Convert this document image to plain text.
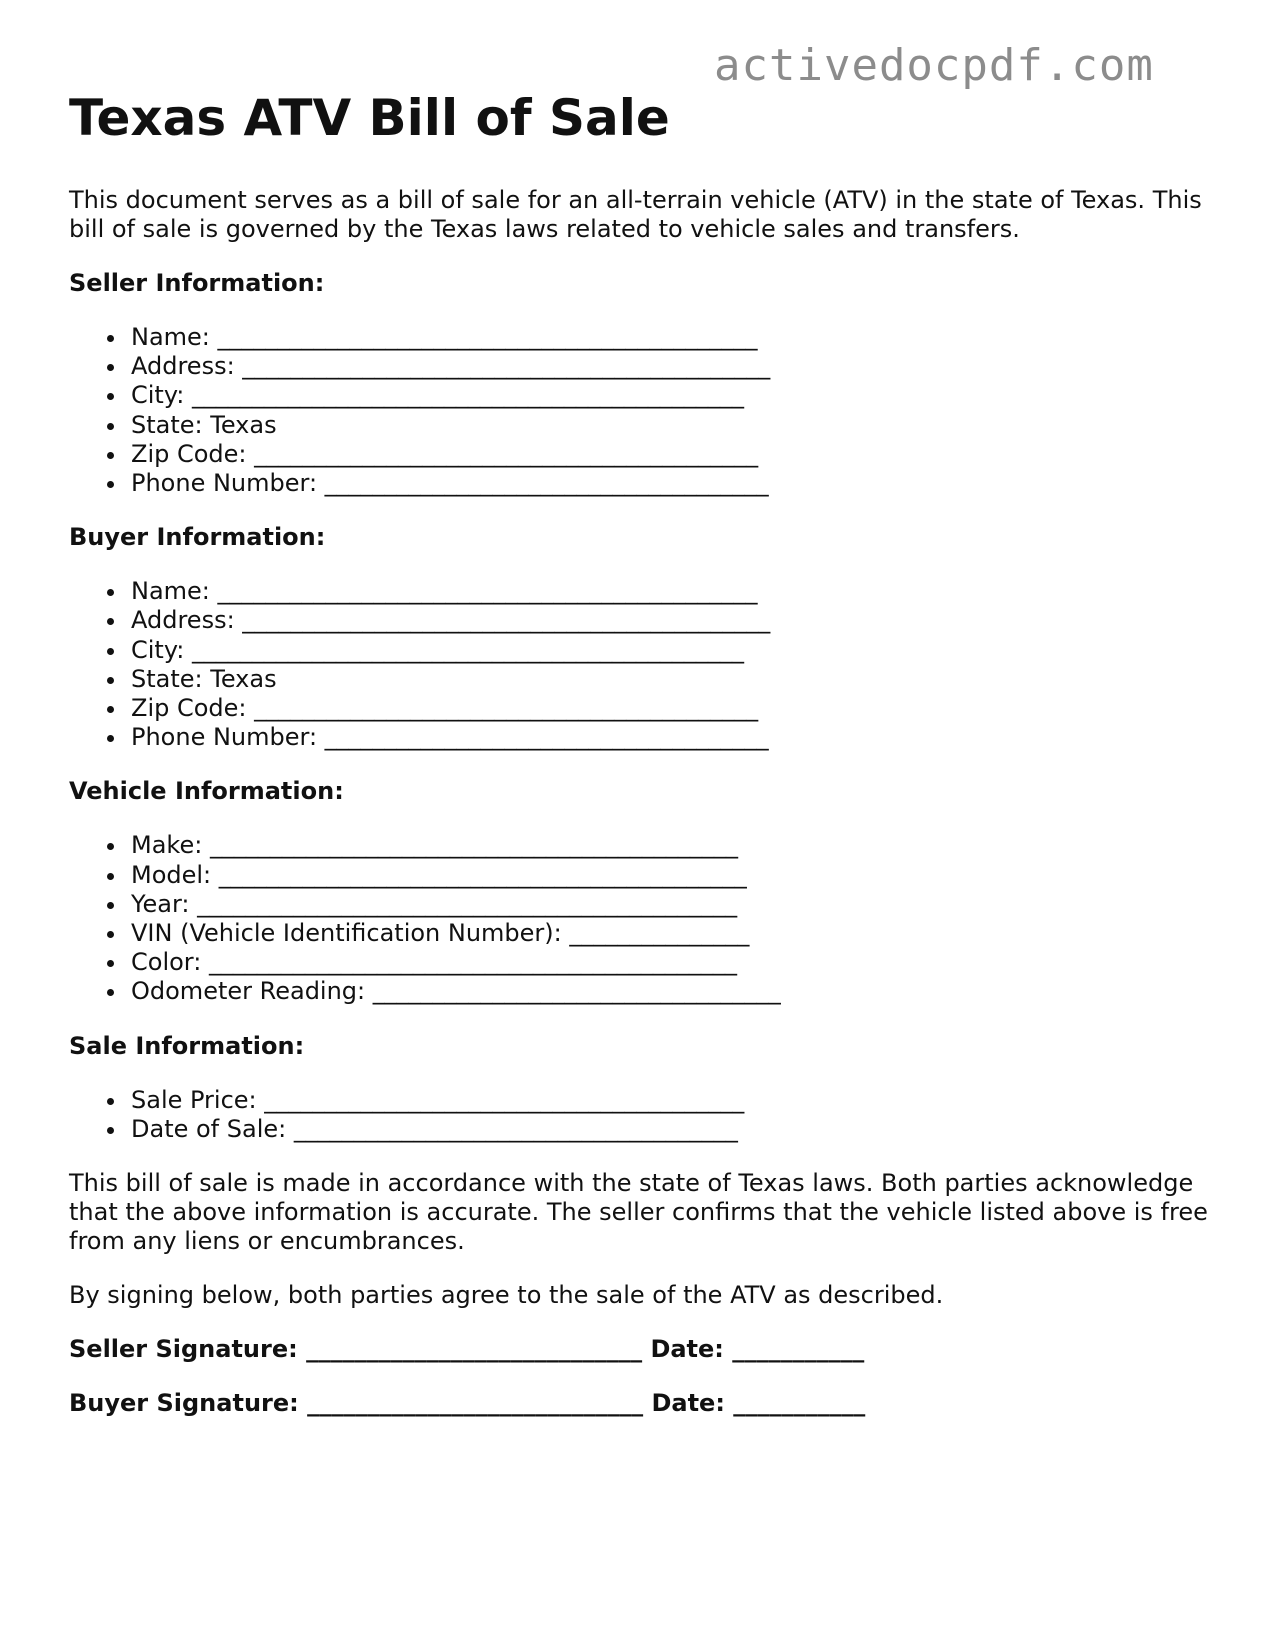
activedocpdf.com
Texas ATV Bill of Sale

This document serves as a bill of sale for an all-terrain vehicle (ATV) in the state of Texas. This bill of sale is governed by the Texas laws related to vehicle sales and transfers.

Seller Information:
Name: _____________________________________________
Address: ____________________________________________
City: ______________________________________________
State: Texas
Zip Code: __________________________________________
Phone Number: _____________________________________
Buyer Information:
Name: _____________________________________________
Address: ____________________________________________
City: ______________________________________________
State: Texas
Zip Code: __________________________________________
Phone Number: _____________________________________
Vehicle Information:
Make: ____________________________________________
Model: ____________________________________________
Year: _____________________________________________
VIN (Vehicle Identification Number): _______________
Color: ____________________________________________
Odometer Reading: __________________________________
Sale Information:
Sale Price: ________________________________________
Date of Sale: _____________________________________

This bill of sale is made in accordance with the state of Texas laws. Both parties acknowledge that the above information is accurate. The seller confirms that the vehicle listed above is free from any liens or encumbrances.

By signing below, both parties agree to the sale of the ATV as described.

Seller Signature: ____________________________ Date: ___________
Buyer Signature: ____________________________ Date: ___________
